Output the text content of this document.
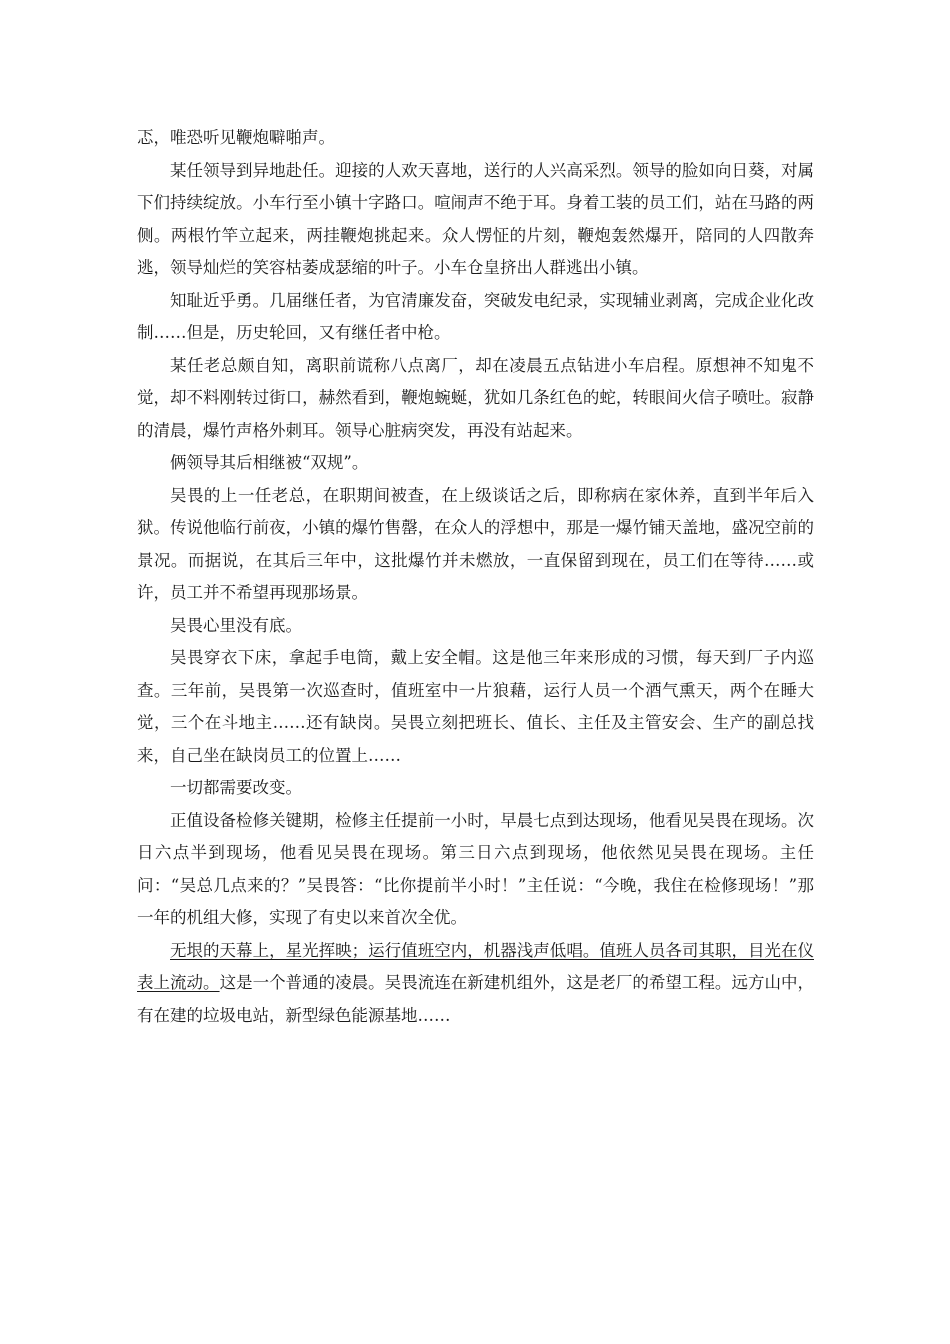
忑，唯恐听见鞭炮噼啪声。

某任领导到异地赴任。迎接的人欢天喜地，送行的人兴高采烈。领导的脸如向日葵，对属下们持续绽放。小车行至小镇十字路口。喧闹声不绝于耳。身着工装的员工们，站在马路的两侧。两根竹竿立起来，两挂鞭炮挑起来。众人愣怔的片刻，鞭炮轰然爆开，陪同的人四散奔逃，领导灿烂的笑容枯萎成瑟缩的叶子。小车仓皇挤出人群逃出小镇。

知耻近乎勇。几届继任者，为官清廉发奋，突破发电纪录，实现辅业剥离，完成企业化改制……但是，历史轮回，又有继任者中枪。

某任老总颇自知，离职前谎称八点离厂，却在凌晨五点钻进小车启程。原想神不知鬼不觉，却不料刚转过街口，赫然看到，鞭炮蜿蜒，犹如几条红色的蛇，转眼间火信子喷吐。寂静的清晨，爆竹声格外刺耳。领导心脏病突发，再没有站起来。

俩领导其后相继被“双规”。

吴畏的上一任老总，在职期间被查，在上级谈话之后，即称病在家休养，直到半年后入狱。传说他临行前夜，小镇的爆竹售罄，在众人的浮想中，那是一爆竹铺天盖地，盛况空前的景况。而据说，在其后三年中，这批爆竹并未燃放，一直保留到现在，员工们在等待……或许，员工并不希望再现那场景。

吴畏心里没有底。

吴畏穿衣下床，拿起手电筒，戴上安全帽。这是他三年来形成的习惯，每天到厂子内巡查。三年前，吴畏第一次巡查时，值班室中一片狼藉，运行人员一个酒气熏天，两个在睡大觉，三个在斗地主……还有缺岗。吴畏立刻把班长、值长、主任及主管安会、生产的副总找来，自己坐在缺岗员工的位置上……

一切都需要改变。

正值设备检修关键期，检修主任提前一小时，早晨七点到达现场，他看见吴畏在现场。次日六点半到现场，他看见吴畏在现场。第三日六点到现场，他依然见吴畏在现场。主任问：“吴总几点来的？”吴畏答：“比你提前半小时！”主任说：“今晚，我住在检修现场！”那一年的机组大修，实现了有史以来首次全优。

无垠的天幕上，星光挥映；运行值班空内，机器浅声低唱。值班人员各司其职，目光在仪表上流动。这是一个普通的凌晨。吴畏流连在新建机组外，这是老厂的希望工程。远方山中，有在建的垃圾电站，新型绿色能源基地……
